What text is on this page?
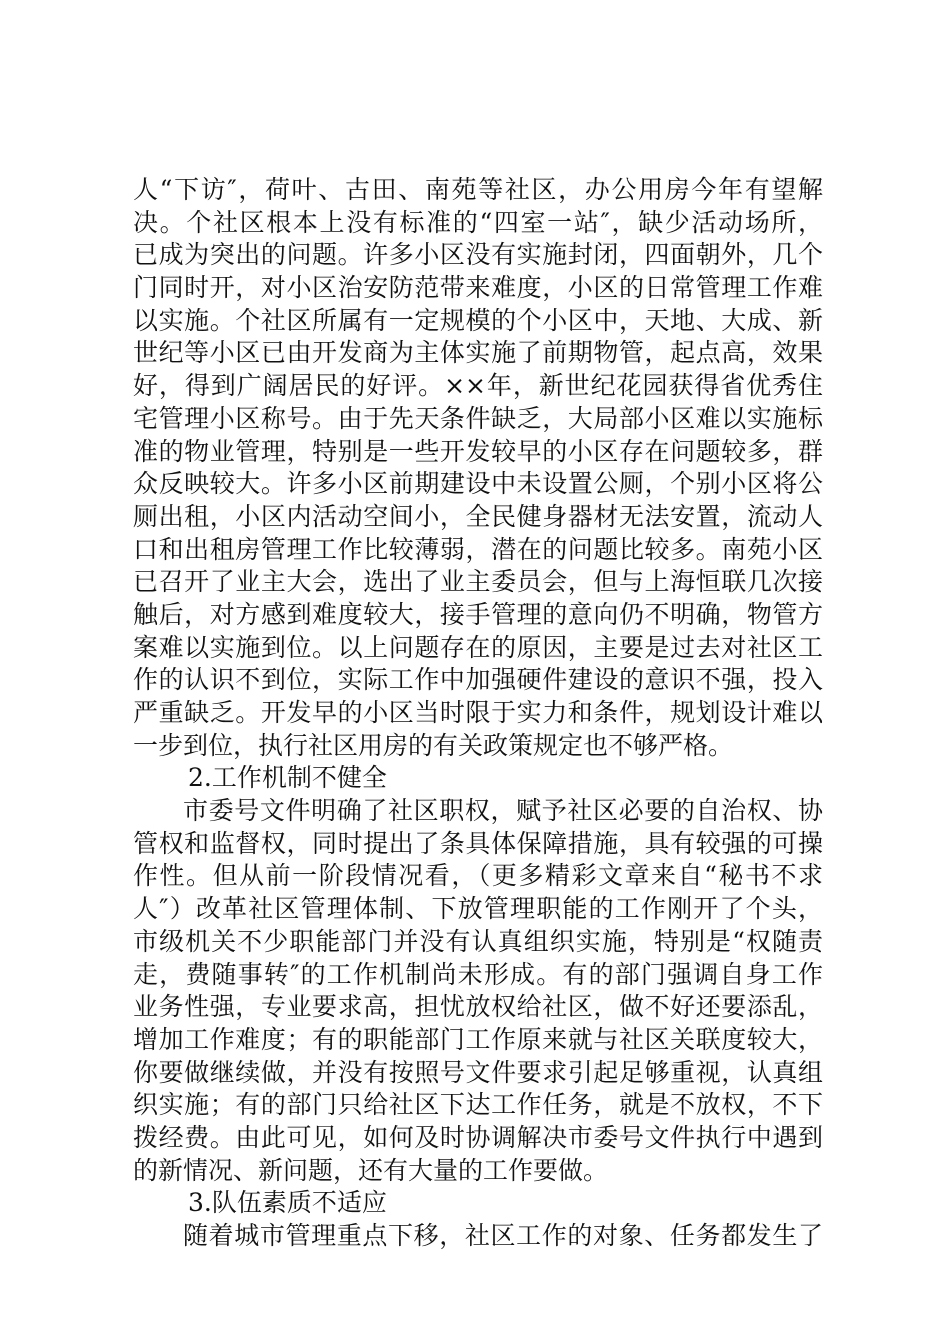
人“下访″，荷叶、古田、南苑等社区，办公用房今年有望解
决。个社区根本上没有标准的“四室一站″，缺少活动场所，
已成为突出的问题。许多小区没有实施封闭，四面朝外，几个
门同时开，对小区治安防范带来难度，小区的日常管理工作难
以实施。个社区所属有一定规模的个小区中，天地、大成、新
世纪等小区已由开发商为主体实施了前期物管，起点高，效果
好，得到广阔居民的好评。××年，新世纪花园获得省优秀住
宅管理小区称号。由于先天条件缺乏，大局部小区难以实施标
准的物业管理，特别是一些开发较早的小区存在问题较多，群
众反映较大。许多小区前期建设中未设置公厕，个别小区将公
厕出租，小区内活动空间小，全民健身器材无法安置，流动人
口和出租房管理工作比较薄弱，潜在的问题比较多。南苑小区
已召开了业主大会，选出了业主委员会，但与上海恒联几次接
触后，对方感到难度较大，接手管理的意向仍不明确，物管方
案难以实施到位。以上问题存在的原因，主要是过去对社区工
作的认识不到位，实际工作中加强硬件建设的意识不强，投入
严重缺乏。开发早的小区当时限于实力和条件，规划设计难以
一步到位，执行社区用房的有关政策规定也不够严格。
2.工作机制不健全
市委号文件明确了社区职权，赋予社区必要的自治权、协
管权和监督权，同时提出了条具体保障措施，具有较强的可操
作性。但从前一阶段情况看，（更多精彩文章来自“秘书不求
人″）改革社区管理体制、下放管理职能的工作刚开了个头，
市级机关不少职能部门并没有认真组织实施，特别是“权随责
走，费随事转″的工作机制尚未形成。有的部门强调自身工作
业务性强，专业要求高，担忧放权给社区，做不好还要添乱，
增加工作难度；有的职能部门工作原来就与社区关联度较大，
你要做继续做，并没有按照号文件要求引起足够重视，认真组
织实施；有的部门只给社区下达工作任务，就是不放权，不下
拨经费。由此可见，如何及时协调解决市委号文件执行中遇到
的新情况、新问题，还有大量的工作要做。
3.队伍素质不适应
随着城市管理重点下移，社区工作的对象、任务都发生了
